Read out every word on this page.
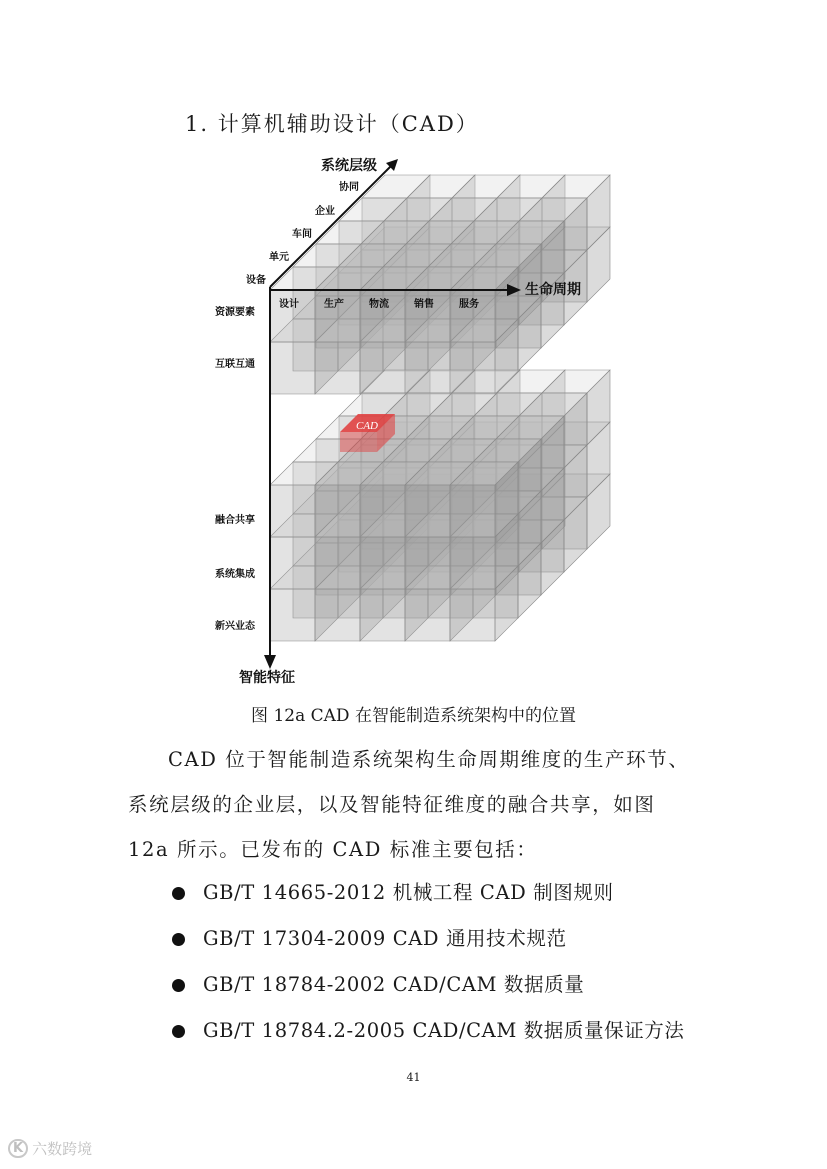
1. 计算机辅助设计（CAD）
CAD
系统层级
生命周期
智能特征
协同
企业
车间
单元
设备
设计	生产	物流	销售	服务
资源要素
互联互通
融合共享
系统集成
新兴业态
图 12a CAD 在智能制造系统架构中的位置

CAD 位于智能制造系统架构生命周期维度的生产环节、系统层级的企业层，以及智能特征维度的融合共享，如图 12a 所示。已发布的 CAD 标准主要包括：

GB/T 14665-2012 机械工程 CAD 制图规则
GB/T 17304-2009 CAD 通用技术规范
GB/T 18784-2002 CAD/CAM 数据质量
GB/T 18784.2-2005 CAD/CAM 数据质量保证方法
41
K 六数跨境
